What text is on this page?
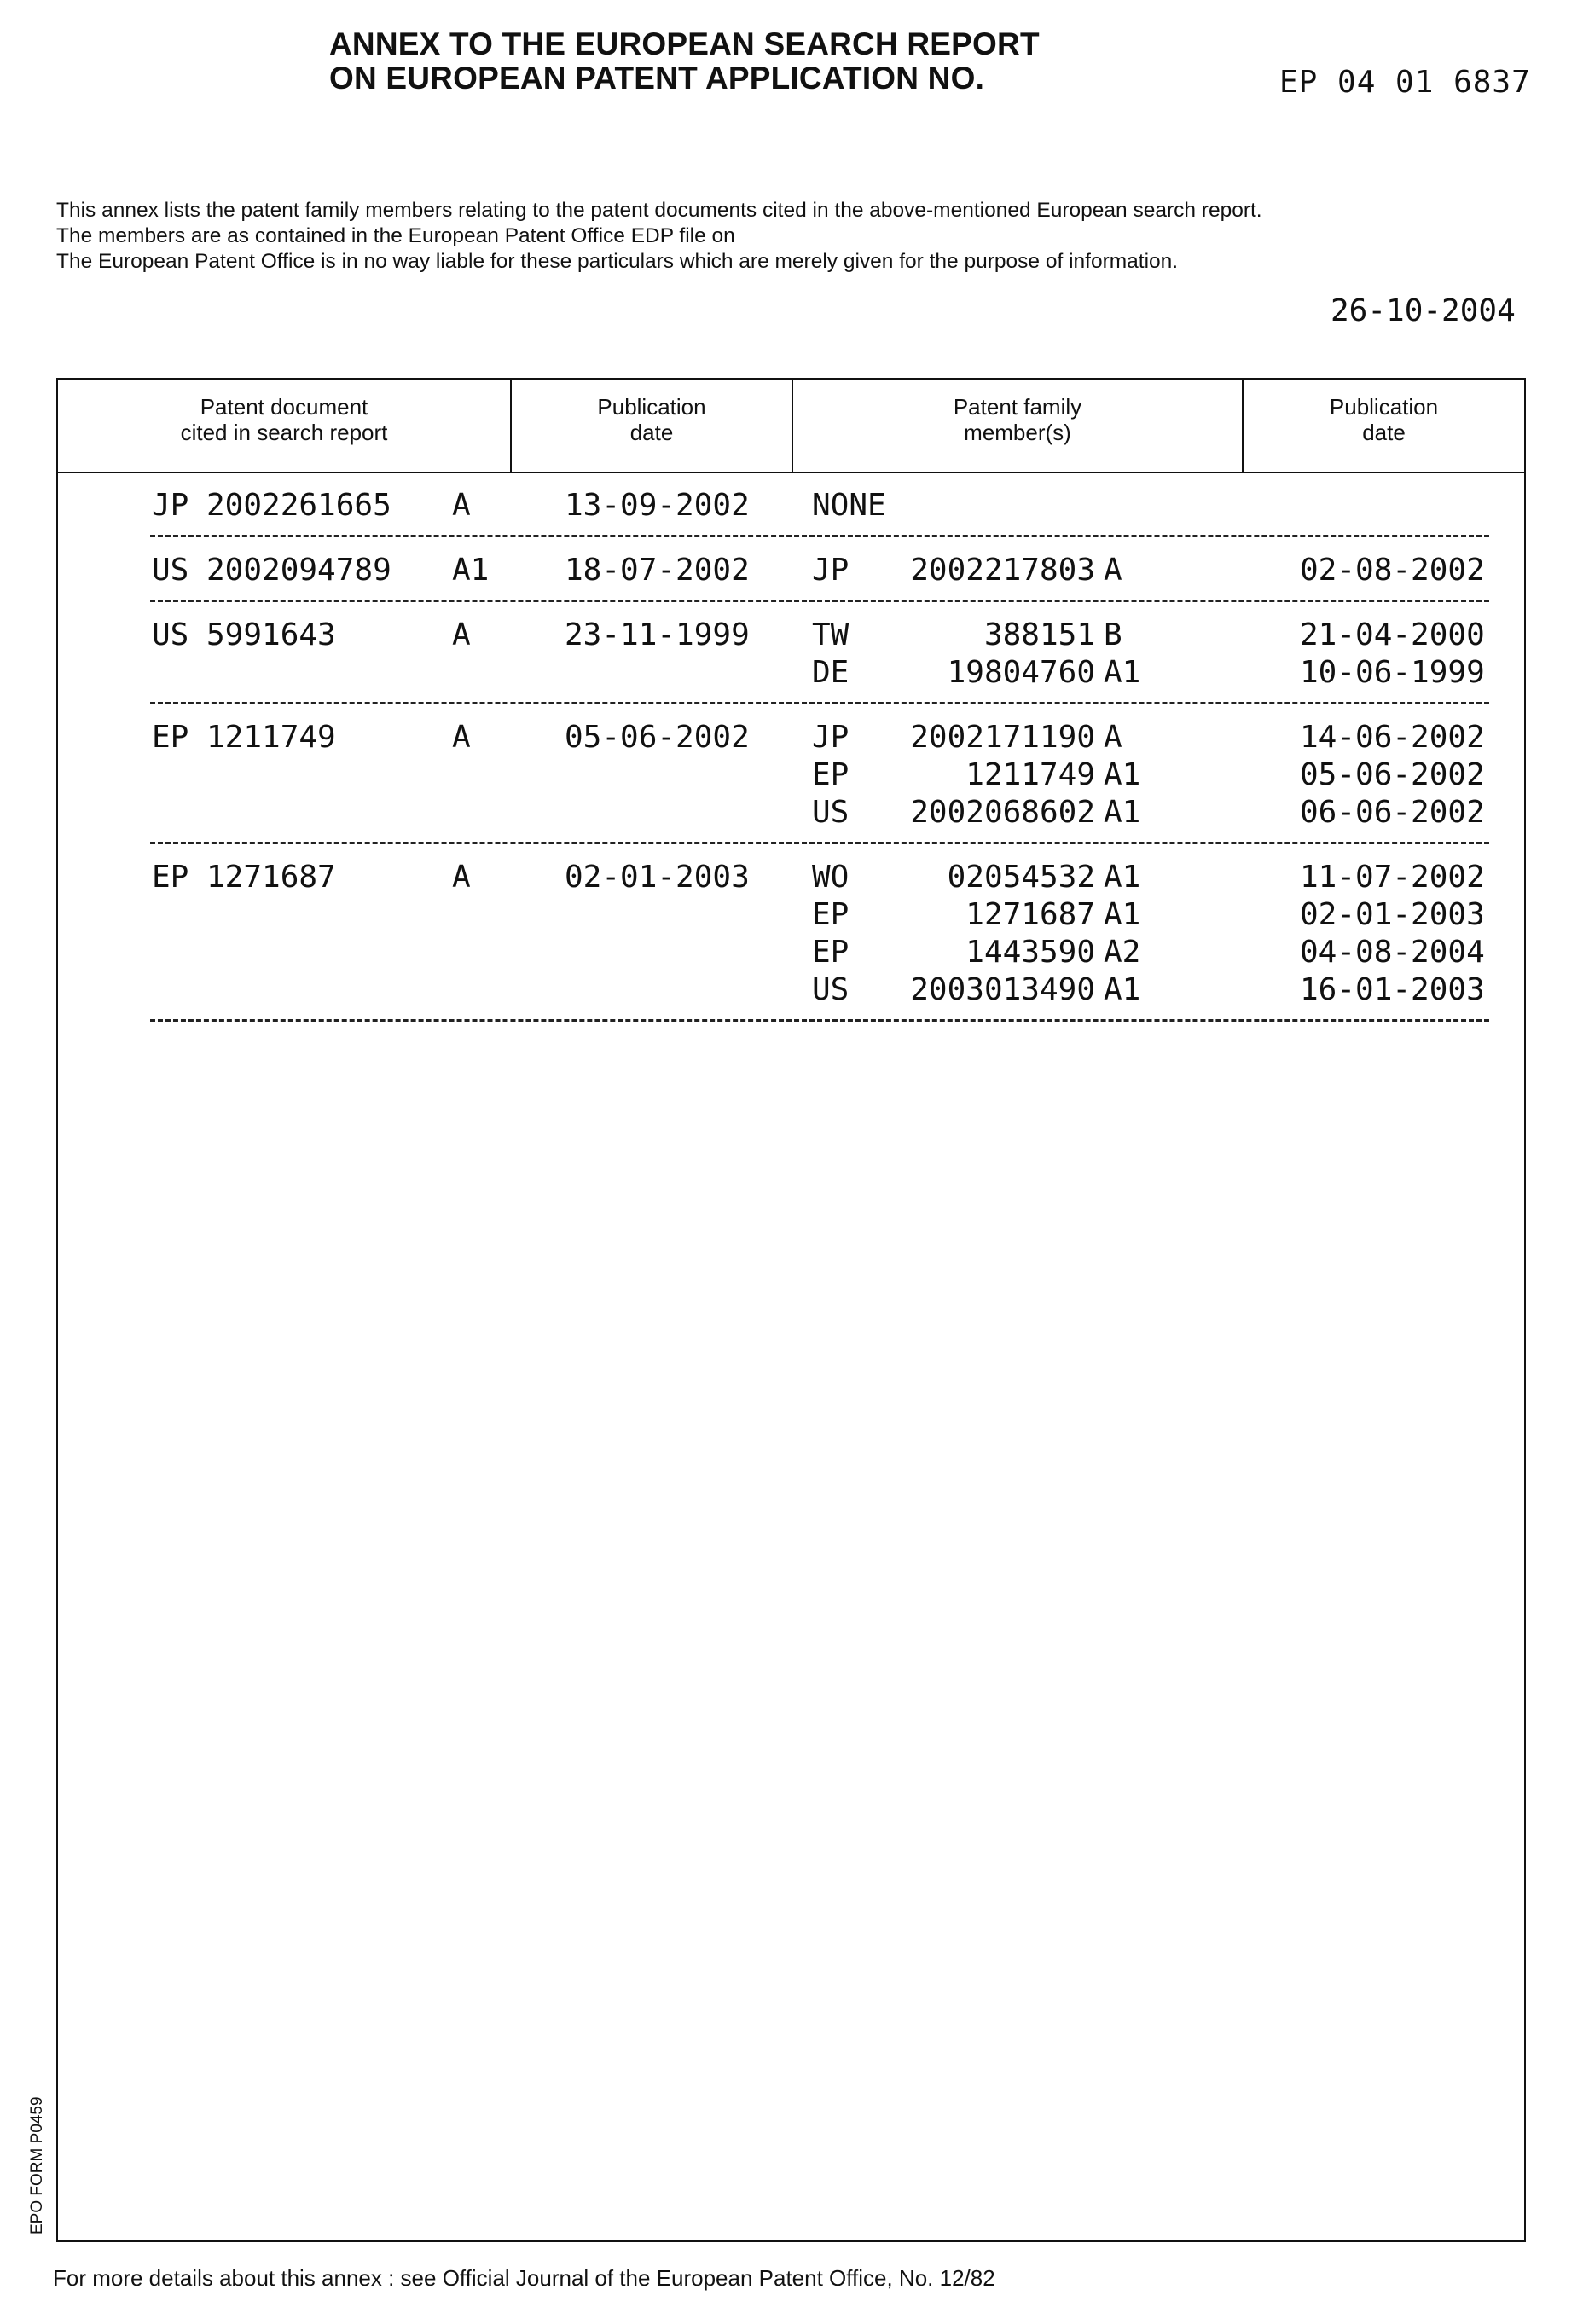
ANNEX TO THE EUROPEAN SEARCH REPORT
ON EUROPEAN PATENT APPLICATION NO.	EP 04 01 6837
This annex lists the patent family members relating to the patent documents cited in the above-mentioned European search report.
The members are as contained in the European Patent Office EDP file on
The European Patent Office is in no way liable for these particulars which are merely given for the purpose of information.
26-10-2004
Patent document
cited in search report
Publication
date
Patent family
member(s)
Publication
date
JP 2002261665 A	13-09-2002 NONE
US 2002094789 A1 18-07-2002 JP 2002217803 A	02-08-2002
US 5991643	A	23-11-1999 TW	388151 B	21-04-2000
DE	19804760 A1	10-06-1999
EP 1211749	A	05-06-2002 JP 2002171190 A	14-06-2002
EP	1211749 A1	05-06-2002
US 2002068602 A1	06-06-2002
EP 1271687	A	02-01-2003 WO	02054532 A1	11-07-2002
EP	1271687 A1	02-01-2003
EP	1443590 A2	04-08-2004
US 2003013490 A1	16-01-2003
EPO FORM P0459
For more details about this annex : see Official Journal of the European Patent Office, No. 12/82
